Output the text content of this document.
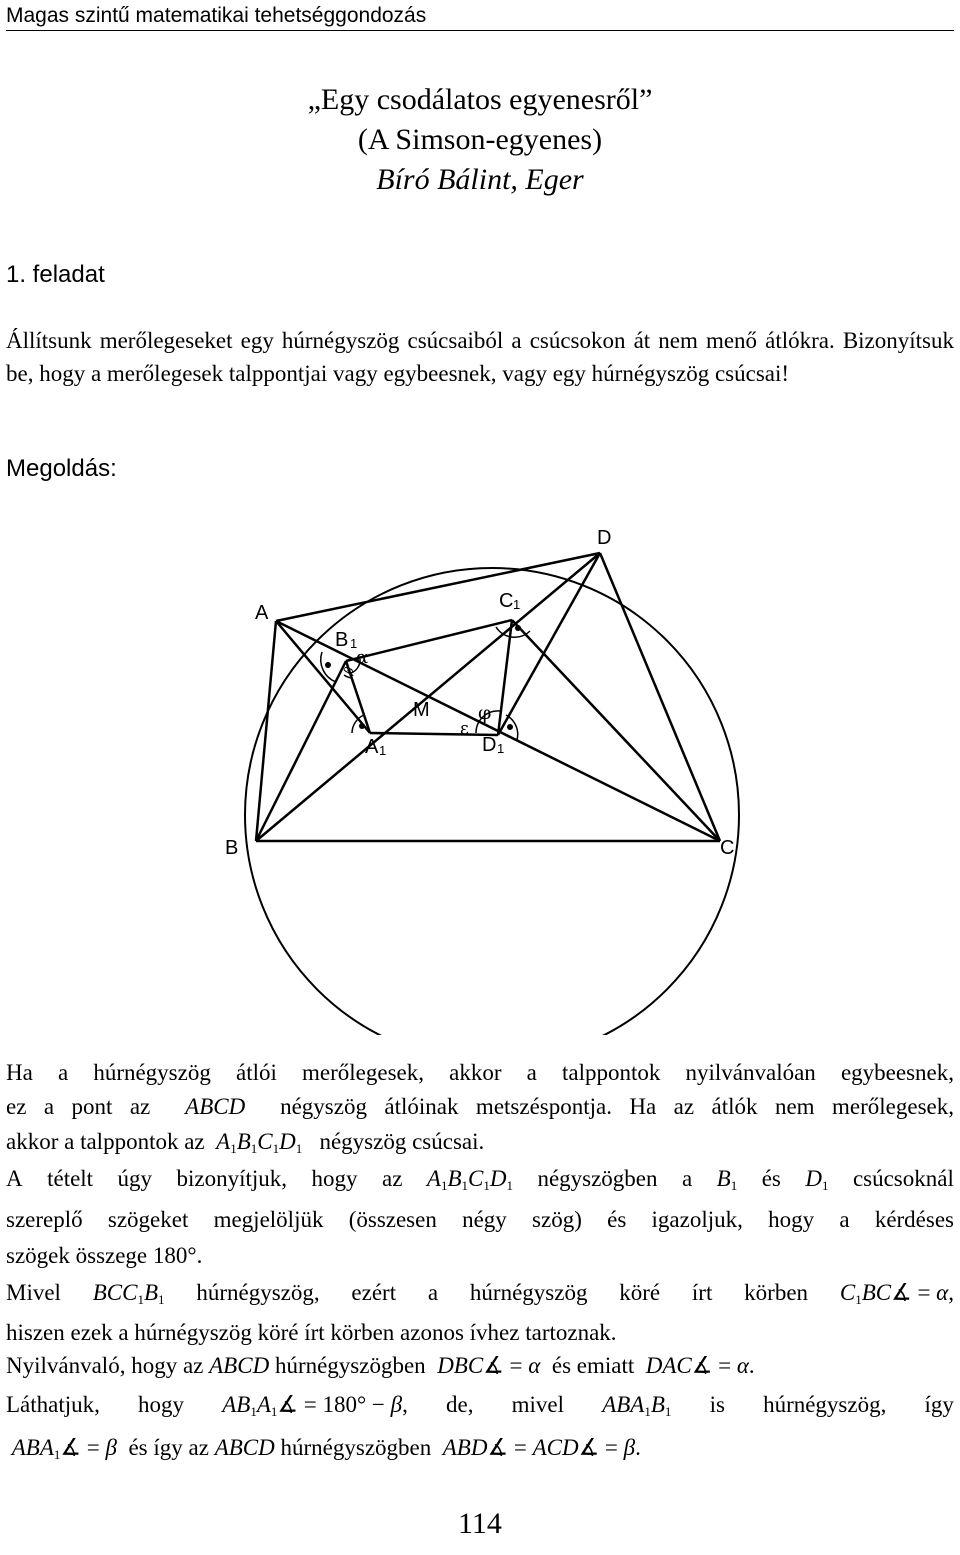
Magas szintű matematikai tehetséggondozás
„Egy csodálatos egyenesről”
(A Simson-egyenes)
Bíró Bálint, Eger
1. feladat
Állítsunk merőlegeseket egy húrnégyszög csúcsaiból a csúcsokon át nem menő átlókra. Bizonyítsuk be, hogy a merőlegesek talppontjai vagy egybeesnek, vagy egy húrnégyszög csúcsai!
Megoldás:
A
B	C
D
B 1
C 1
A 1	D 1
M
α
β
φ
ε
Ha a húrnégyszög átlói merőlegesek, akkor a talppontok nyilvánvalóan egybeesnek,
ez a pont az  ABCD  négyszög átlóinak metszéspontja. Ha az átlók nem merőlegesek,
akkor a talppontok az  $A_1B_1C_1D_1$   négyszög csúcsai.
A tételt úgy bizonyítjuk, hogy az $A_1B_1C_1D_1$ négyszögben a $B_1$ és $D_1$ csúcsoknál
szereplő szögeket megjelöljük (összesen négy szög) és igazoljuk, hogy a kérdéses
szögek összege 180°.
Mivel $BCC_1B_1$ húrnégyszög, ezért a húrnégyszög köré írt körben $C_1BC∡ = \alpha$,
hiszen ezek a húrnégyszög köré írt körben azonos ívhez tartoznak.
Nyilvánvaló, hogy az ABCD húrnégyszögben  DBC∡ = α  és emiatt  DAC∡ = α.
Láthatjuk, hogy $AB_1A_1∡ = 180^\circ - \beta$, de, mivel $ABA_1B_1$ is húrnégyszög, így
$ABA_1∡ = \beta$  és így az ABCD húrnégyszögben  ABD∡ = ACD∡ = β.
114
